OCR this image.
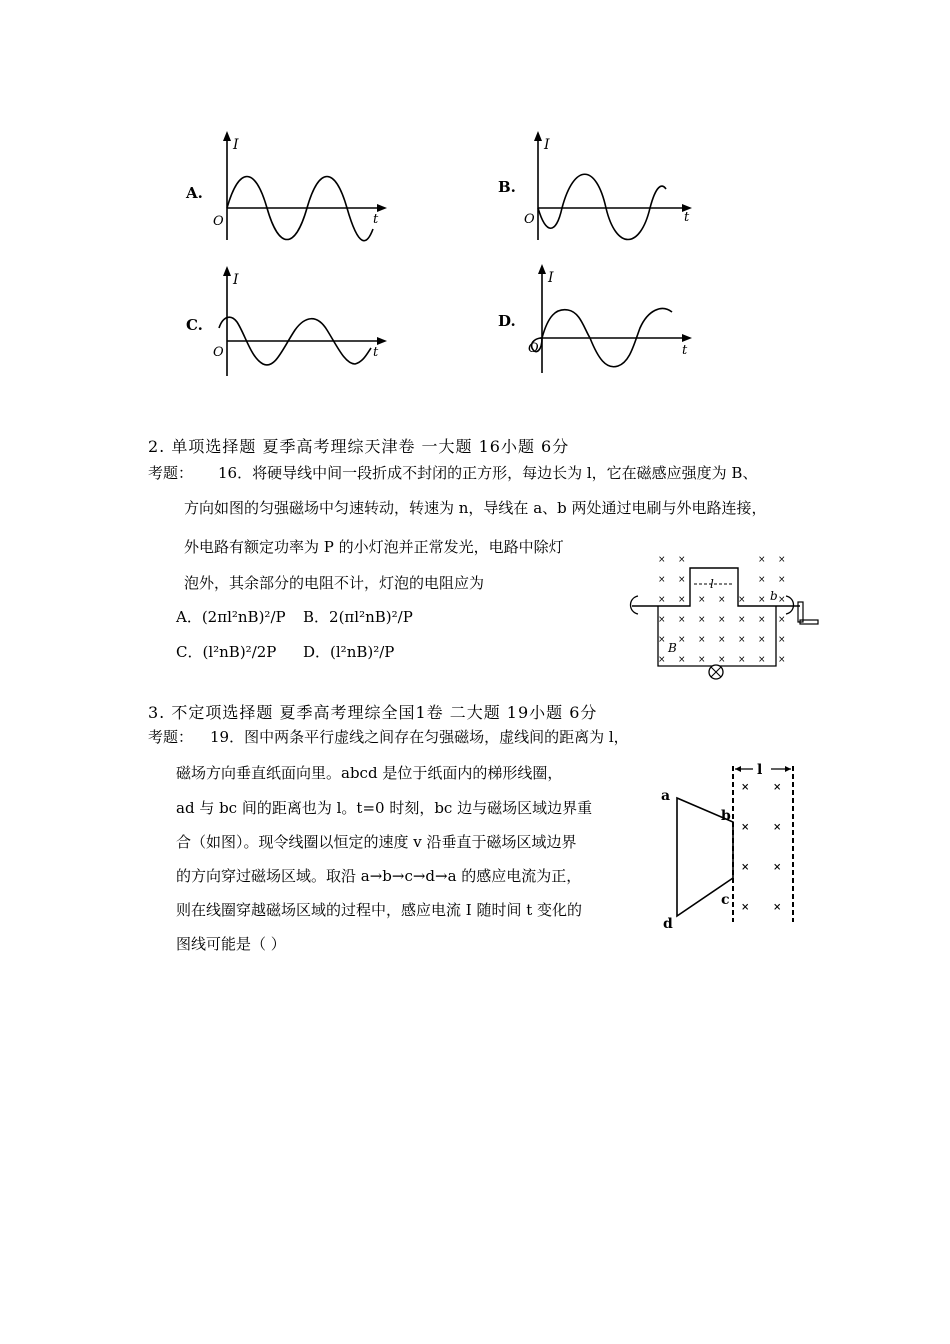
A.
I
t
O
B.
I
t
O
C.
I
t
O
D.
I
t
O
2. 单项选择题 夏季高考理综天津卷 一大题 16小题 6分
考题： 16．将硬导线中间一段折成不封闭的正方形，每边长为 l，它在磁感应强度为 B、
方向如图的匀强磁场中匀速转动，转速为 n，导线在 a、b 两处通过电刷与外电路连接，
外电路有额定功率为 P 的小灯泡并正常发光，电路中除灯
泡外，其余部分的电阻不计，灯泡的电阻应为
A．(2πl²nB)²/P B．2(πl²nB)²/P
C．(l²nB)²/2P D．(l²nB)²/P
× ×	× ×
× ×	× ×
× × × × × × ×
× × × × × × ×
× × × × × × ×
× × × × × × ×
l
b
B
3. 不定项选择题 夏季高考理综全国1卷 二大题 19小题 6分
考题： 19．图中两条平行虚线之间存在匀强磁场，虚线间的距离为 l，
磁场方向垂直纸面向里。abcd 是位于纸面内的梯形线圈，
ad 与 bc 间的距离也为 l。t=0 时刻，bc 边与磁场区域边界重
合（如图）。现令线圈以恒定的速度 v 沿垂直于磁场区域边界
的方向穿过磁场区域。取沿 a→b→c→d→a 的感应电流为正，
则在线圈穿越磁场区域的过程中，感应电流 I 随时间 t 变化的
图线可能是（ ）
l
× ×
× ×
× ×
× ×
a
b
c
d
